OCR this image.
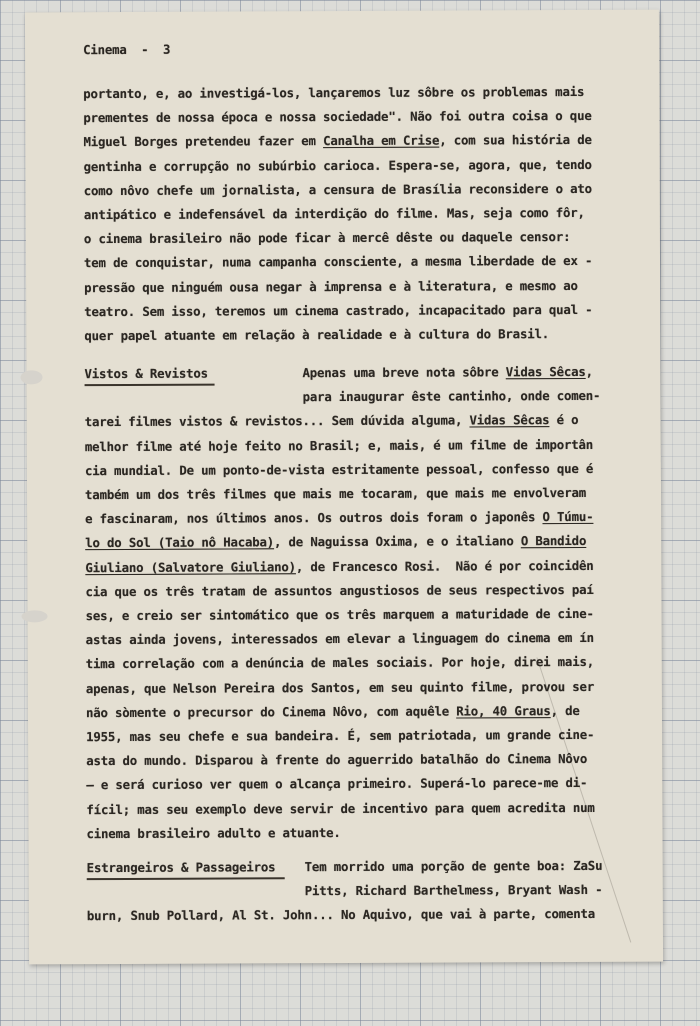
Cinema  -  3
portanto, e, ao investigá-los, lançaremos luz sôbre os problemas mais
prementes de nossa época e nossa sociedade". Não foi outra coisa o que
Miguel Borges pretendeu fazer em Canalha em Crise, com sua história de
gentinha e corrupção no subúrbio carioca. Espera-se, agora, que, tendo
como nôvo chefe um jornalista, a censura de Brasília reconsidere o ato
antipático e indefensável da interdição do filme. Mas, seja como fôr,
o cinema brasileiro não pode ficar à mercê dêste ou daquele censor:
tem de conquistar, numa campanha consciente, a mesma liberdade de ex -
pressão que ninguém ousa negar à imprensa e à literatura, e mesmo ao
teatro. Sem isso, teremos um cinema castrado, incapacitado para qual -
quer papel atuante em relação à realidade e à cultura do Brasil.
Vistos & Revistos	Apenas uma breve nota sôbre Vidas Sêcas,
para inaugurar êste cantinho, onde comen-
tarei filmes vistos & revistos... Sem dúvida alguma, Vidas Sêcas é o
melhor filme até hoje feito no Brasil; e, mais, é um filme de importân
cia mundial. De um ponto-de-vista estritamente pessoal, confesso que é
também um dos três filmes que mais me tocaram, que mais me envolveram
e fascinaram, nos últimos anos. Os outros dois foram o japonês O Túmu-
lo do Sol (Taio nô Hacaba), de Naguissa Oxima, e o italiano O Bandido
Giuliano (Salvatore Giuliano), de Francesco Rosi.  Não é por coincidên
cia que os três tratam de assuntos angustiosos de seus respectivos paí
ses, e creio ser sintomático que os três marquem a maturidade de cine-
astas ainda jovens, interessados em elevar a linguagem do cinema em ín
tima correlação com a denúncia de males sociais. Por hoje, direi mais,
apenas, que Nelson Pereira dos Santos, em seu quinto filme, provou ser
não sòmente o precursor do Cinema Nôvo, com aquêle Rio, 40 Graus, de
1955, mas seu chefe e sua bandeira. É, sem patriotada, um grande cine-
asta do mundo. Disparou à frente do aguerrido batalhão do Cinema Nôvo
— e será curioso ver quem o alcança primeiro. Superá-lo parece-me di-
fícil; mas seu exemplo deve servir de incentivo para quem acredita num
cinema brasileiro adulto e atuante.
Estrangeiros & Passageiros Tem morrido uma porção de gente boa: ZaSu
Pitts, Richard Barthelmess, Bryant Wash -
burn, Snub Pollard, Al St. John... No Aquivo, que vai à parte, comenta
